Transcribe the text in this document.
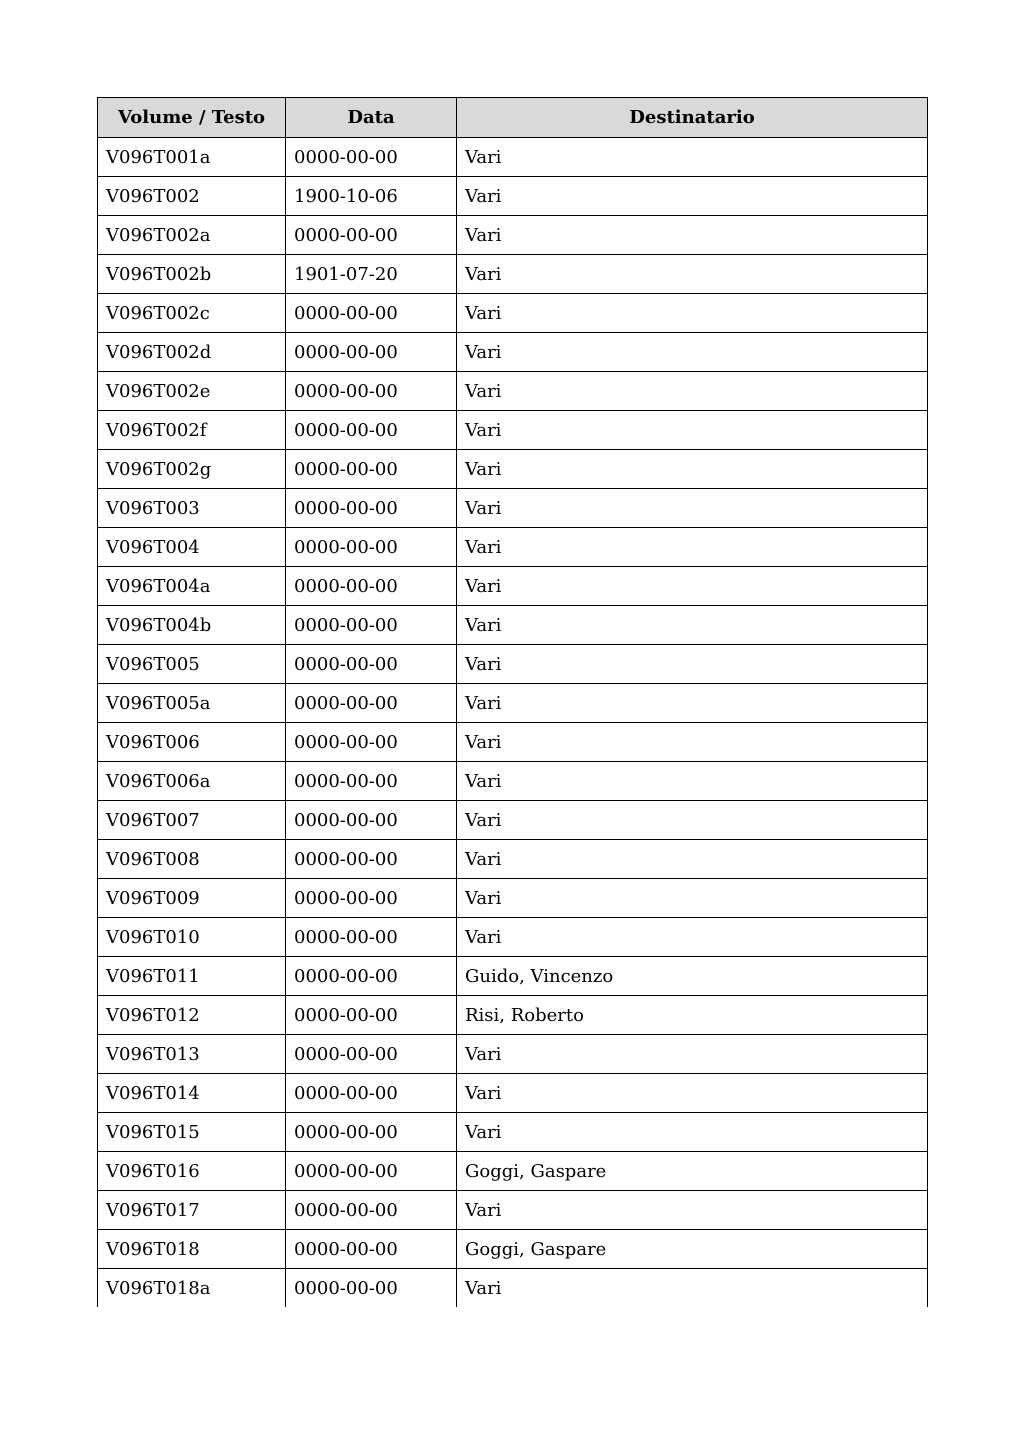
Volume / Testo	Data	Destinatario
V096T001a	0000-00-00	Vari
V096T002	1900-10-06	Vari
V096T002a	0000-00-00	Vari
V096T002b	1901-07-20	Vari
V096T002c	0000-00-00	Vari
V096T002d	0000-00-00	Vari
V096T002e	0000-00-00	Vari
V096T002f	0000-00-00	Vari
V096T002g	0000-00-00	Vari
V096T003	0000-00-00	Vari
V096T004	0000-00-00	Vari
V096T004a	0000-00-00	Vari
V096T004b	0000-00-00	Vari
V096T005	0000-00-00	Vari
V096T005a	0000-00-00	Vari
V096T006	0000-00-00	Vari
V096T006a	0000-00-00	Vari
V096T007	0000-00-00	Vari
V096T008	0000-00-00	Vari
V096T009	0000-00-00	Vari
V096T010	0000-00-00	Vari
V096T011	0000-00-00	Guido, Vincenzo
V096T012	0000-00-00	Risi, Roberto
V096T013	0000-00-00	Vari
V096T014	0000-00-00	Vari
V096T015	0000-00-00	Vari
V096T016	0000-00-00	Goggi, Gaspare
V096T017	0000-00-00	Vari
V096T018	0000-00-00	Goggi, Gaspare
V096T018a	0000-00-00	Vari
